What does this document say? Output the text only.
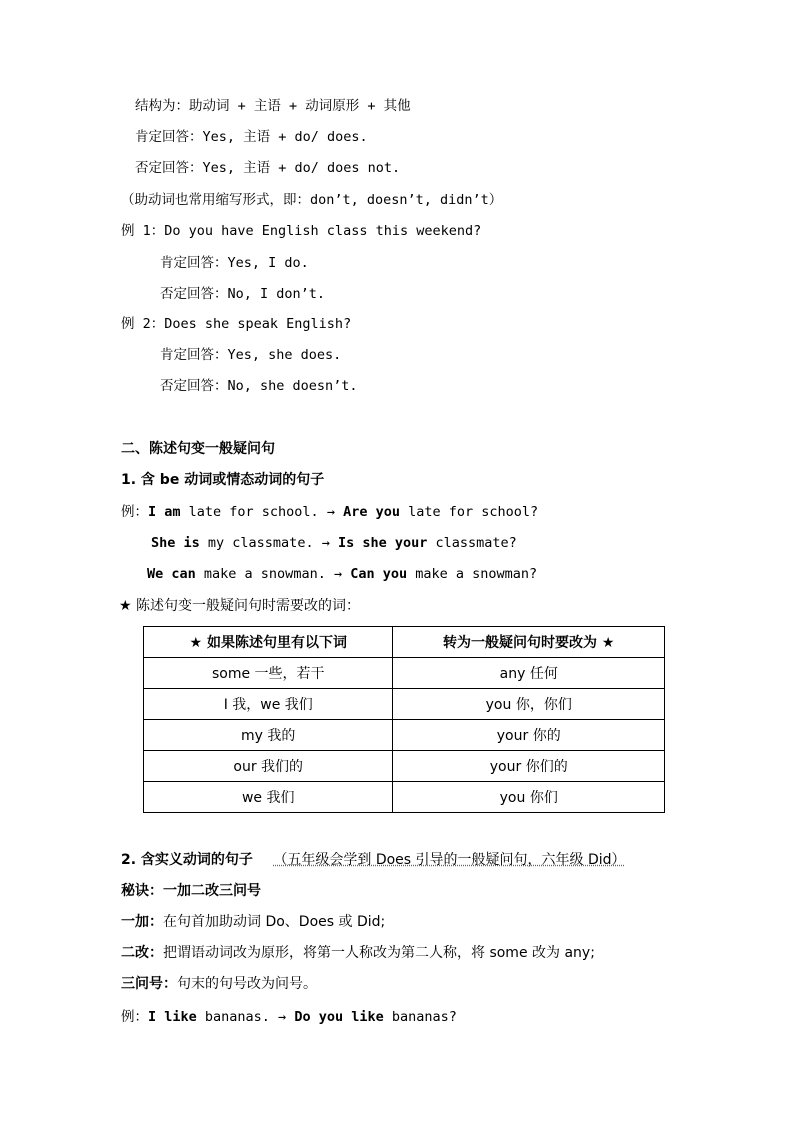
结构为：助动词 + 主语 + 动词原形 + 其他
肯定回答：Yes, 主语 + do/ does.
否定回答：Yes, 主语 + do/ does not.
（助动词也常用缩写形式，即：don’t, doesn’t, didn’t）
例 1：Do you have English class this weekend?
肯定回答：Yes, I do.
否定回答：No, I don’t.
例 2：Does she speak English?
肯定回答：Yes, she does.
否定回答：No, she doesn’t.
二、陈述句变一般疑问句
1. 含 be 动词或情态动词的句子
例：I am late for school. → Are you late for school?
She is my classmate. → Is she your classmate?
We can make a snowman. → Can you make a snowman?
★ 陈述句变一般疑问句时需要改的词：
★ 如果陈述句里有以下词	转为一般疑问句时要改为 ★
some 一些，若干	any 任何
I 我，we 我们	you 你，你们
my 我的	your 你的
our 我们的	your 你们的
we 我们	you 你们
2. 含实义动词的句子 （五年级会学到 Does 引导的一般疑问句，六年级 Did）
秘诀：一加二改三问号
一加：在句首加助动词 Do、Does 或 Did;
二改：把谓语动词改为原形，将第一人称改为第二人称，将 some 改为 any;
三问号：句末的句号改为问号。
例：I like bananas. → Do you like bananas?
